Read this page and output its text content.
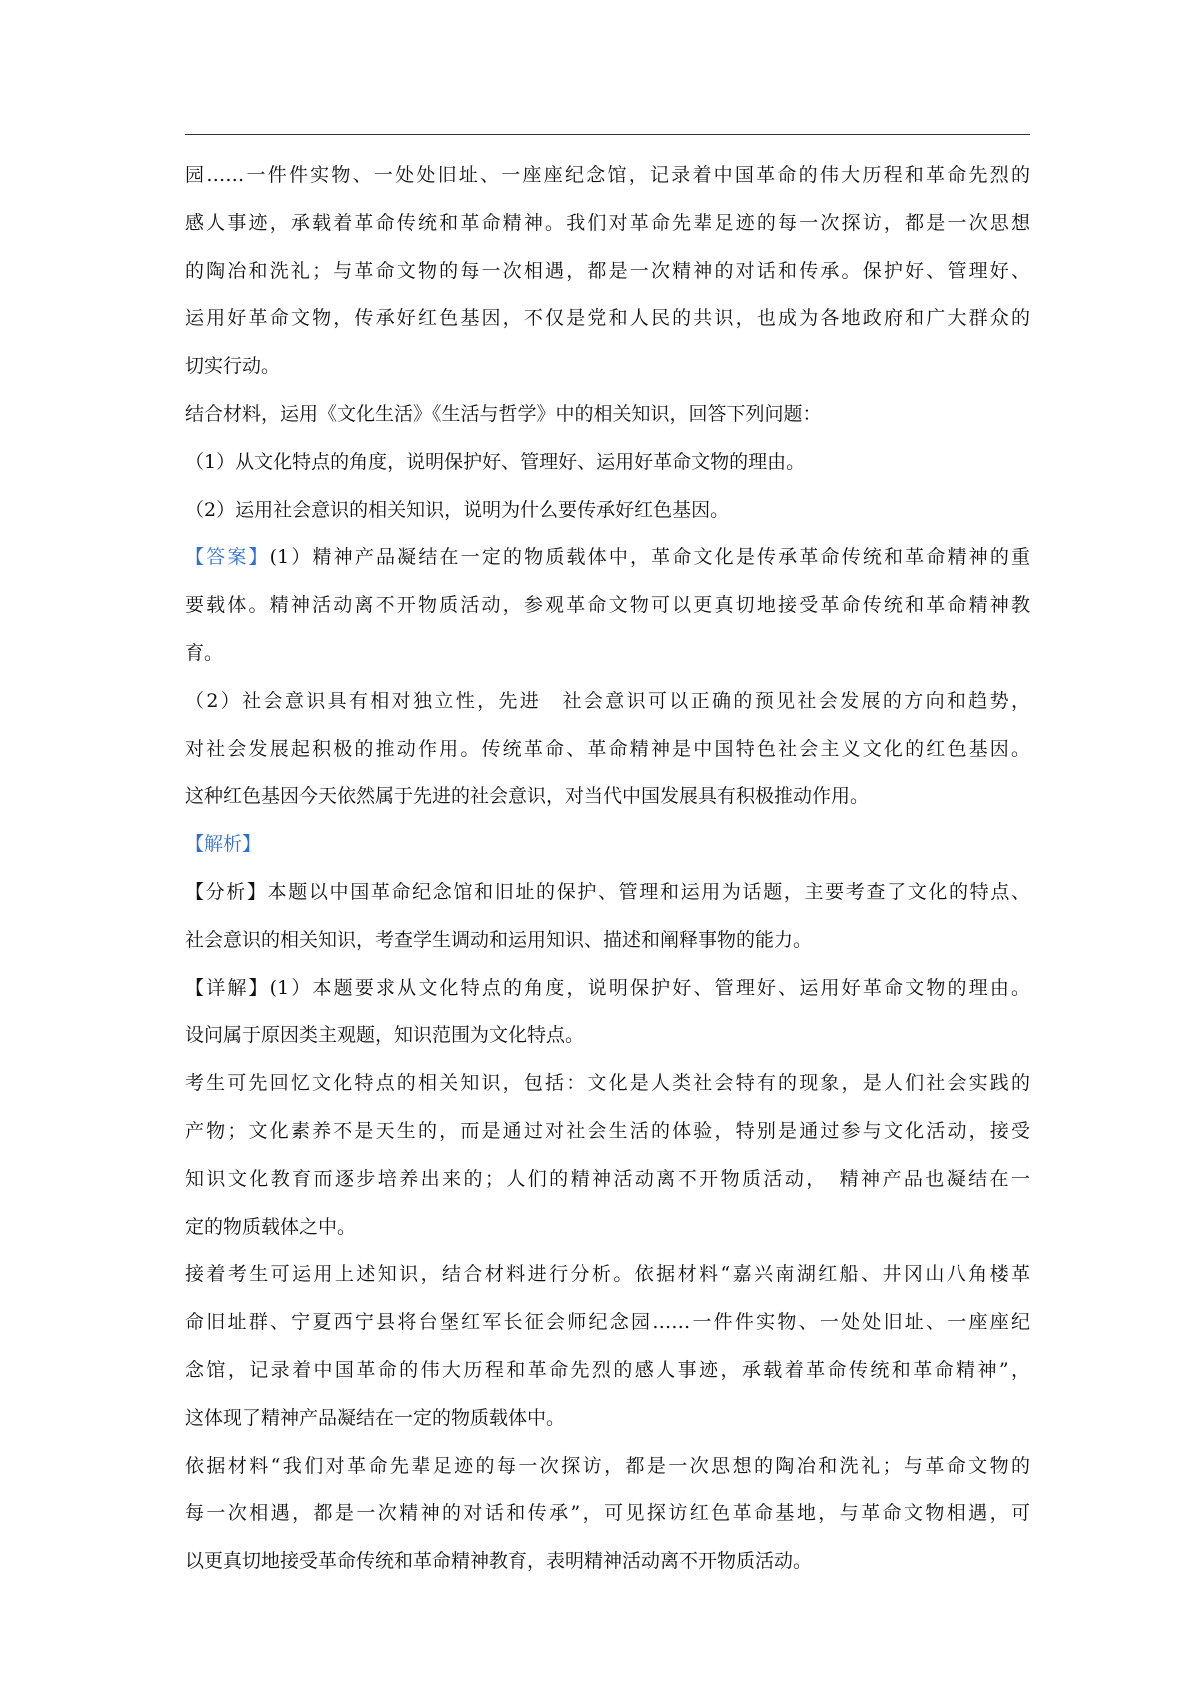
园……一件件实物、一处处旧址、一座座纪念馆，记录着中国革命的伟大历程和革命先烈的

感人事迹，承载着革命传统和革命精神。我们对革命先辈足迹的每一次探访，都是一次思想

的陶冶和洗礼；与革命文物的每一次相遇，都是一次精神的对话和传承。保护好、管理好、

运用好革命文物，传承好红色基因，不仅是党和人民的共识，也成为各地政府和广大群众的

切实行动。

结合材料，运用《文化生活》《生活与哲学》中的相关知识，回答下列问题：

（1）从文化特点的角度，说明保护好、管理好、运用好革命文物的理由。

（2）运用社会意识的相关知识，说明为什么要传承好红色基因。

【答案】(1）精神产品凝结在一定的物质载体中，革命文化是传承革命传统和革命精神的重

要载体。精神活动离不开物质活动，参观革命文物可以更真切地接受革命传统和革命精神教

育。

（2）社会意识具有相对独立性，先进　社会意识可以正确的预见社会发展的方向和趋势，

对社会发展起积极的推动作用。传统革命、革命精神是中国特色社会主义文化的红色基因。

这种红色基因今天依然属于先进的社会意识，对当代中国发展具有积极推动作用。

【解析】

【分析】本题以中国革命纪念馆和旧址的保护、管理和运用为话题，主要考查了文化的特点、

社会意识的相关知识，考查学生调动和运用知识、描述和阐释事物的能力。

【详解】(1）本题要求从文化特点的角度，说明保护好、管理好、运用好革命文物的理由。

设问属于原因类主观题，知识范围为文化特点。

考生可先回忆文化特点的相关知识，包括：文化是人类社会特有的现象，是人们社会实践的

产物；文化素养不是天生的，而是通过对社会生活的体验，特别是通过参与文化活动，接受

知识文化教育而逐步培养出来的；人们的精神活动离不开物质活动，　精神产品也凝结在一

定的物质载体之中。

接着考生可运用上述知识，结合材料进行分析。依据材料“嘉兴南湖红船、井冈山八角楼革

命旧址群、宁夏西宁县将台堡红军长征会师纪念园……一件件实物、一处处旧址、一座座纪

念馆，记录着中国革命的伟大历程和革命先烈的感人事迹，承载着革命传统和革命精神”，

这体现了精神产品凝结在一定的物质载体中。

依据材料“我们对革命先辈足迹的每一次探访，都是一次思想的陶冶和洗礼；与革命文物的

每一次相遇，都是一次精神的对话和传承”，可见探访红色革命基地，与革命文物相遇，可

以更真切地接受革命传统和革命精神教育，表明精神活动离不开物质活动。
